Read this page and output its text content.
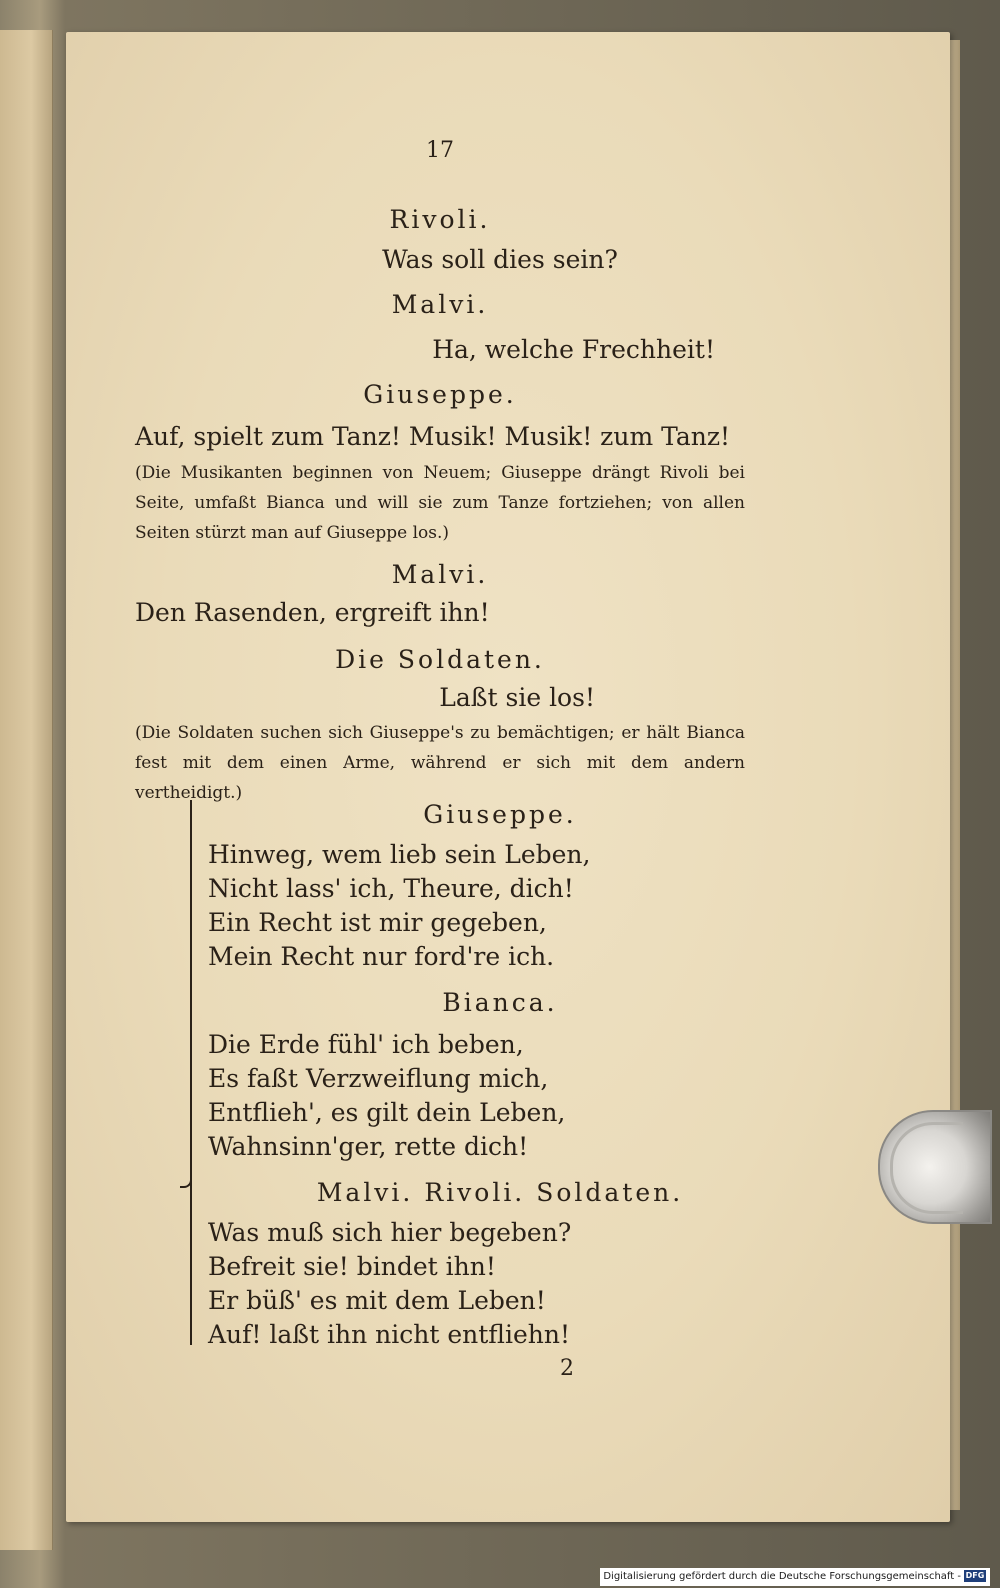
17
Rivoli.
Was soll dies sein?
Malvi.
Ha, welche Frechheit!
Giuseppe.
Auf, spielt zum Tanz! Musik! Musik! zum Tanz!
(Die Musikanten beginnen von Neuem; Giuseppe drängt Rivoli bei Seite, umfaßt Bianca und will sie zum Tanze fortziehen; von allen Seiten stürzt man auf Giuseppe los.)
Malvi.
Den Rasenden, ergreift ihn!
Die Soldaten.
Laßt sie los!
(Die Soldaten suchen sich Giuseppe's zu bemächtigen; er hält Bianca fest mit dem einen Arme, während er sich mit dem andern vertheidigt.)
Giuseppe.
Hinweg, wem lieb sein Leben,
Nicht lass' ich, Theure, dich!
Ein Recht ist mir gegeben,
Mein Recht nur ford're ich.
Bianca.
Die Erde fühl' ich beben,
Es faßt Verzweiflung mich,
Entflieh', es gilt dein Leben,
Wahnsinn'ger, rette dich!
Malvi. Rivoli. Soldaten.
Was muß sich hier begeben?
Befreit sie! bindet ihn!
Er büß' es mit dem Leben!
Auf! laßt ihn nicht entfliehn!
2
Digitalisierung gefördert durch die Deutsche Forschungsgemeinschaft - DFG
